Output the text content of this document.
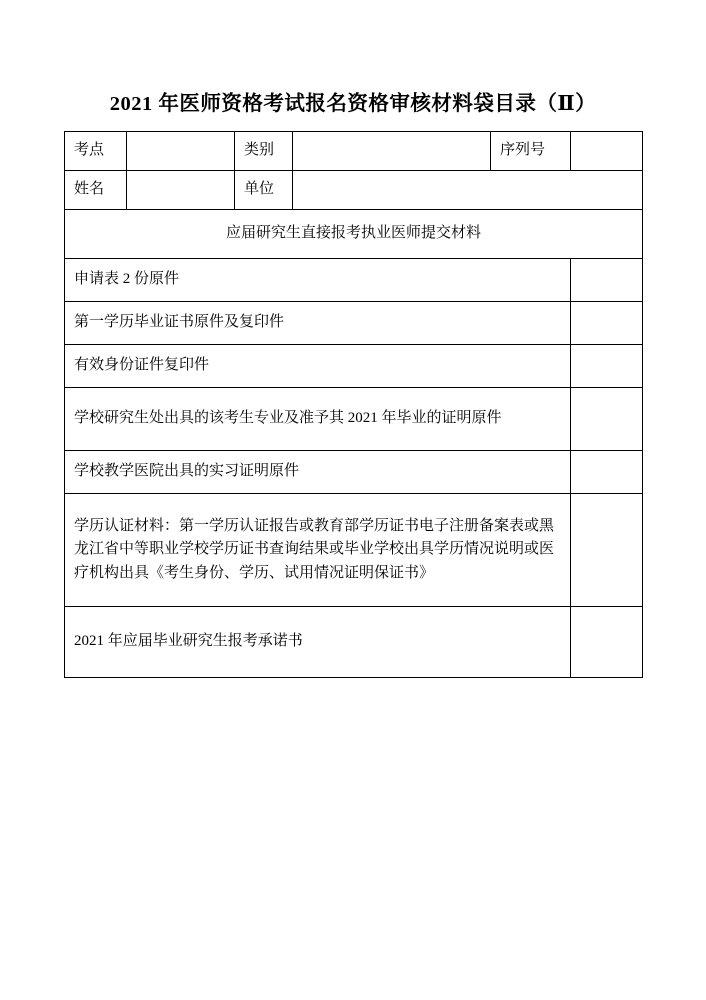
2021 年医师资格考试报名资格审核材料袋目录（Ⅱ）
考点		类别		序列号	
姓名		单位			
应届研究生直接报考执业医师提交材料					
申请表 2 份原件					
第一学历毕业证书原件及复印件					
有效身份证件复印件					
学校研究生处出具的该考生专业及准予其 2021 年毕业的证明原件					
学校教学医院出具的实习证明原件					
学历认证材料：第一学历认证报告或教育部学历证书电子注册备案表或黑龙江省中等职业学校学历证书查询结果或毕业学校出具学历情况说明或医疗机构出具《考生身份、学历、试用情况证明保证书》					
2021 年应届毕业研究生报考承诺书					
